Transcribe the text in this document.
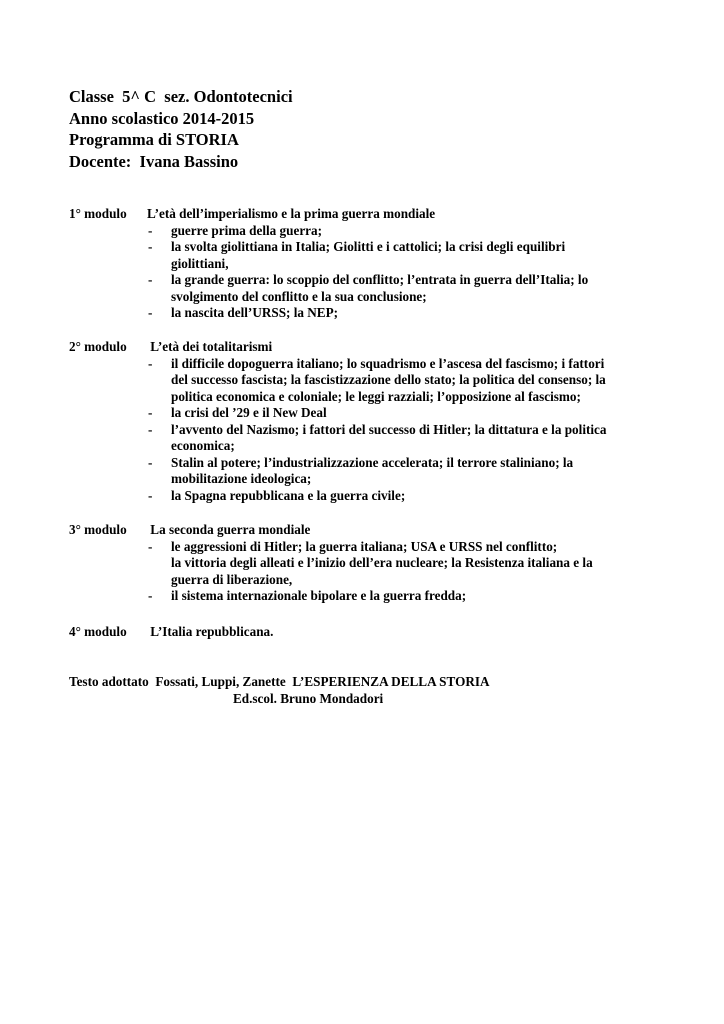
Classe  5^ C  sez. Odontotecnici
Anno scolastico 2014-2015
Programma di STORIA
Docente:  Ivana Bassino
1° modulo	L’età dell’imperialismo e la prima guerra mondiale
- guerre prima della guerra;
- la svolta giolittiana in Italia; Giolitti e i cattolici; la crisi degli equilibri
giolittiani,
- la grande guerra: lo scoppio del conflitto; l’entrata in guerra dell’Italia; lo
svolgimento del conflitto e la sua conclusione;
- la nascita dell’URSS; la NEP;
2° modulo	L’età dei totalitarismi
- il difficile dopoguerra italiano; lo squadrismo e l’ascesa del fascismo; i fattori
del successo fascista; la fascistizzazione dello stato; la politica del consenso; la
politica economica e coloniale; le leggi razziali; l’opposizione al fascismo;
- la crisi del ’29 e il New Deal
- l’avvento del Nazismo; i fattori del successo di Hitler; la dittatura e la politica
economica;
- Stalin al potere; l’industrializzazione accelerata; il terrore staliniano; la
mobilitazione ideologica;
- la Spagna repubblicana e la guerra civile;
3° modulo	La seconda guerra mondiale
- le aggressioni di Hitler; la guerra italiana; USA e URSS nel conflitto;
la vittoria degli alleati e l’inizio dell’era nucleare; la Resistenza italiana e la
guerra di liberazione,
- il sistema internazionale bipolare e la guerra fredda;
4° modulo	L’Italia repubblicana.
Testo adottato  Fossati, Luppi, Zanette  L’ESPERIENZA DELLA STORIA
Ed.scol. Bruno Mondadori
